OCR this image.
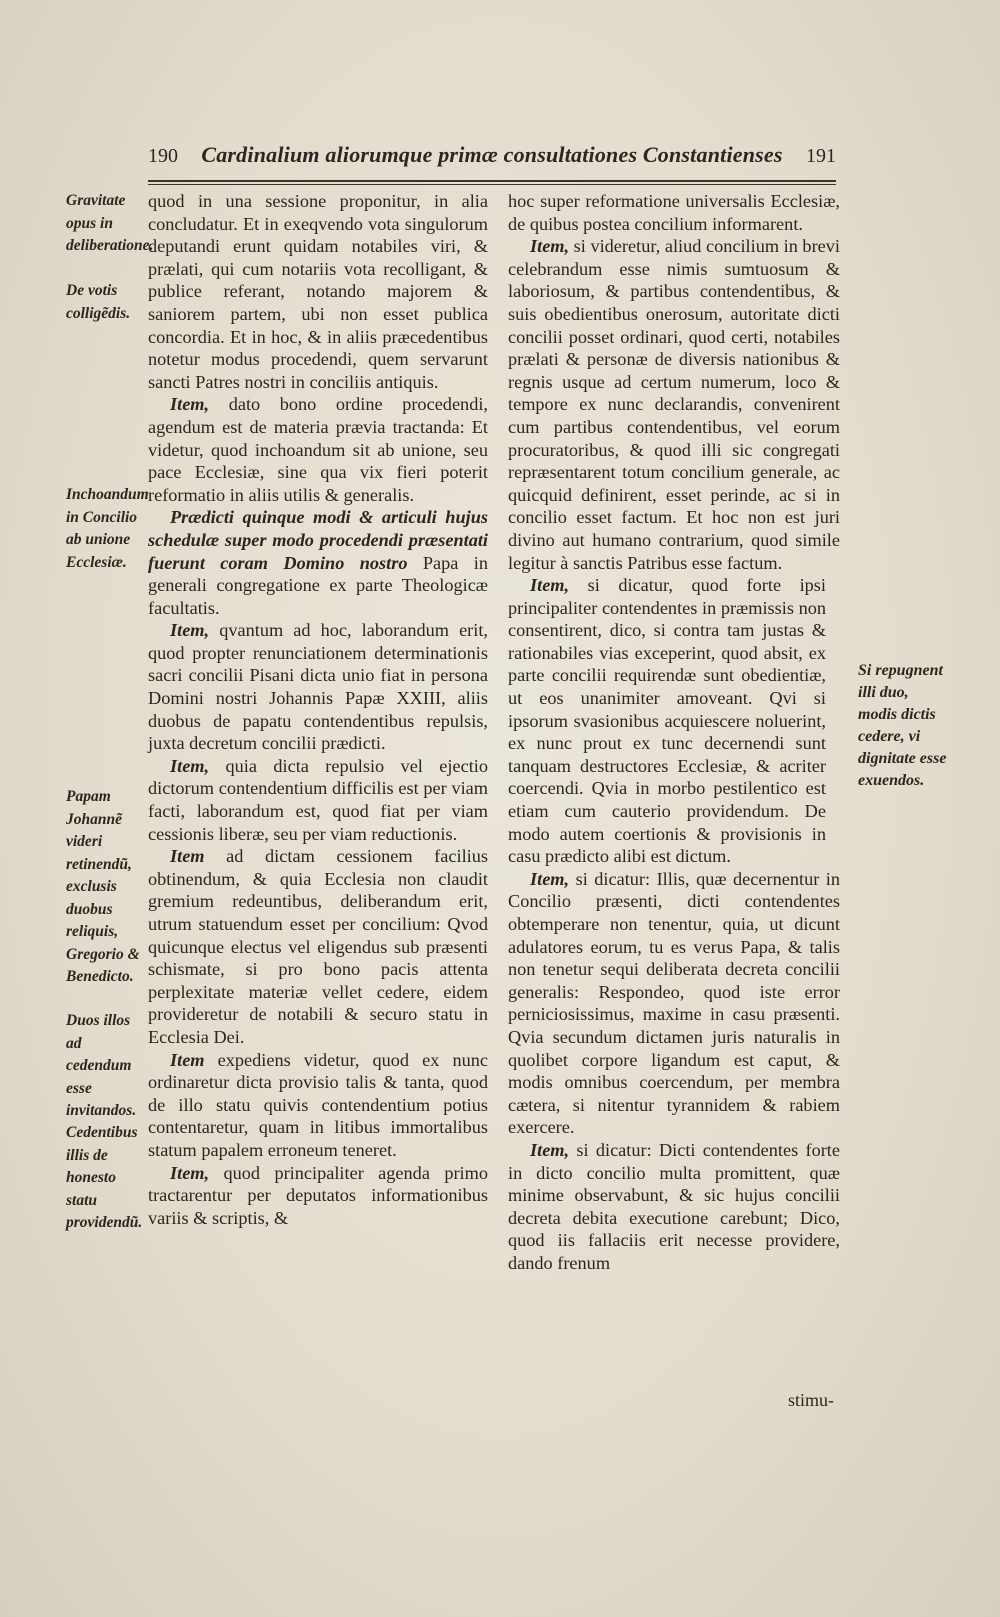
190	Cardinalium aliorumque primæ consultationes Constantienses	191

Gravitate opus in deliberatione.

De votis colligẽdis.

Inchoandum in Concilio ab unione Ecclesiæ.

Papam Johannẽ videri retinendũ,

exclusis duobus reliquis, Gregorio & Benedicto.

Duos illos ad cedendum esse invitandos.

Cedentibus illis de honesto statu providendũ.

quod in una sessione proponitur, in alia concludatur. Et in exeqvendo vota singulorum deputandi erunt quidam notabiles viri, & prælati, qui cum notariis vota recolligant, & publice referant, notando majorem & saniorem partem, ubi non esset publica concordia. Et in hoc, & in aliis præcedentibus notetur modus procedendi, quem servarunt sancti Patres nostri in conciliis antiquis.

Item, dato bono ordine procedendi, agendum est de materia prævia tractanda: Et videtur, quod inchoandum sit ab unione, seu pace Ecclesiæ, sine qua vix fieri poterit reformatio in aliis utilis & generalis.

Prædicti quinque modi & articuli hujus schedulæ super modo procedendi præsentati fuerunt coram Domino nostro Papa in generali congregatione ex parte Theologicæ facultatis.

Item, qvantum ad hoc, laborandum erit, quod propter renunciationem determinationis sacri concilii Pisani dicta unio fiat in persona Domini nostri Johannis Papæ XXIII, aliis duobus de papatu contendentibus repulsis, juxta decretum concilii prædicti.

Item, quia dicta repulsio vel ejectio dictorum contendentium difficilis est per viam facti, laborandum est, quod fiat per viam cessionis liberæ, seu per viam reductionis.

Item ad dictam cessionem facilius obtinendum, & quia Ecclesia non claudit gremium redeuntibus, deliberandum erit, utrum statuendum esset per concilium: Qvod quicunque electus vel eligendus sub præsenti schismate, si pro bono pacis attenta perplexitate materiæ vellet cedere, eidem provideretur de notabili & securo statu in Ecclesia Dei.

Item expediens videtur, quod ex nunc ordinaretur dicta provisio talis & tanta, quod de illo statu quivis contendentium potius contentaretur, quam in litibus immortalibus statum papalem erroneum teneret.

Item, quod principaliter agenda primo tractarentur per deputatos informationibus variis & scriptis, &

hoc super reformatione universalis Ecclesiæ, de quibus postea concilium informarent.

Item, si videretur, aliud concilium in brevi celebrandum esse nimis sumtuosum & laboriosum, & partibus contendentibus, & suis obedientibus onerosum, autoritate dicti concilii posset ordinari, quod certi, notabiles prælati & personæ de diversis nationibus & regnis usque ad certum numerum, loco & tempore ex nunc declarandis, convenirent cum partibus contendentibus, vel eorum procuratoribus, & quod illi sic congregati repræsentarent totum concilium generale, ac quicquid definirent, esset perinde, ac si in concilio esset factum. Et hoc non est juri divino aut humano contrarium, quod simile legitur à sanctis Patribus esse factum.

Item, si dicatur, quod forte ipsi principaliter contendentes in præmissis non consentirent, dico, si contra tam justas & rationabiles vias exceperint, quod absit, ex parte concilii requirendæ sunt obedientiæ, ut eos unanimiter amoveant. Qvi si ipsorum svasionibus acquiescere noluerint, ex nunc prout ex tunc decernendi sunt tanquam destructores Ecclesiæ, & acriter coercendi. Qvia in morbo pestilentico est etiam cum cauterio providendum. De modo autem coertionis & provisionis in casu prædicto alibi est dictum.

Item, si dicatur: Illis, quæ decernentur in Concilio præsenti, dicti contendentes obtemperare non tenentur, quia, ut dicunt adulatores eorum, tu es verus Papa, & talis non tenetur sequi deliberata decreta concilii generalis: Respondeo, quod iste error perniciosissimus, maxime in casu præsenti. Qvia secundum dictamen juris naturalis in quolibet corpore ligandum est caput, & modis omnibus coercendum, per membra cætera, si nitentur tyrannidem & rabiem exercere.

Item, si dicatur: Dicti contendentes forte in dicto concilio multa promittent, quæ minime observabunt, & sic hujus concilii decreta debita executione carebunt; Dico, quod iis fallaciis erit necesse providere, dando frenum

Si repugnent illi duo, modis dictis cedere, vi dignitate esse exuendos.

stimu-
